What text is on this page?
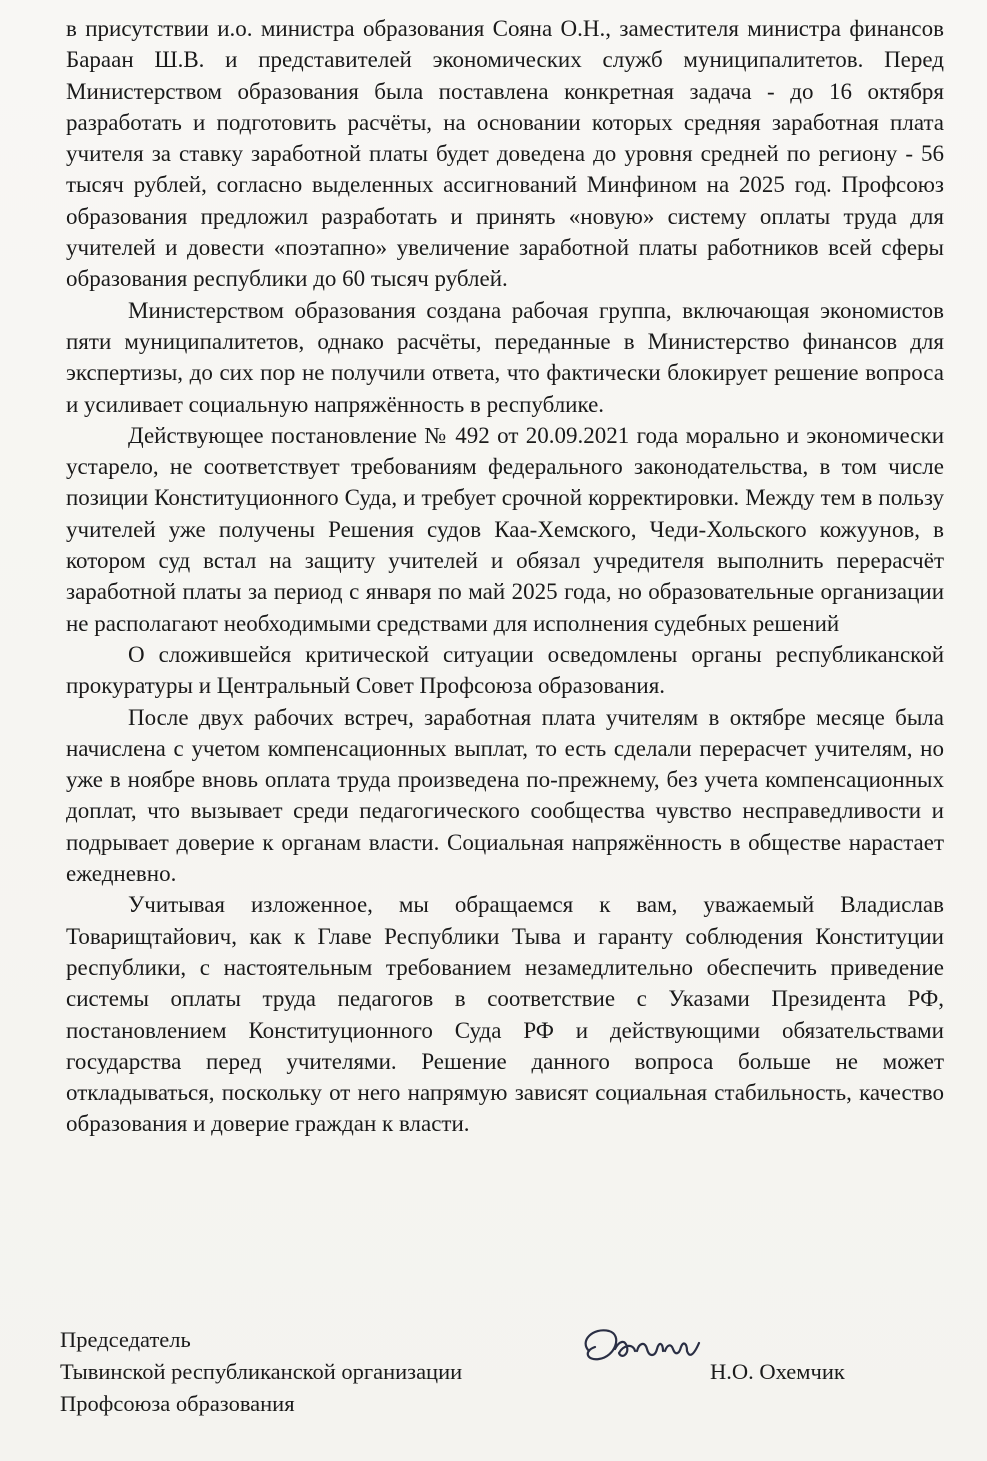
в присутствии и.о. министра образования Сояна О.Н., заместителя министра финансов Бараан Ш.В. и представителей экономических служб муниципалитетов. Перед Министерством образования была поставлена конкретная задача - до 16 октября разработать и подготовить расчёты, на основании которых средняя заработная плата учителя за ставку заработной платы будет доведена до уровня средней по региону - 56 тысяч рублей, согласно выделенных ассигнований Минфином на 2025 год. Профсоюз образования предложил разработать и принять «новую» систему оплаты труда для учителей и довести «поэтапно» увеличение заработной платы работников всей сферы образования республики до 60 тысяч рублей.

Министерством образования создана рабочая группа, включающая экономистов пяти муниципалитетов, однако расчёты, переданные в Министерство финансов для экспертизы, до сих пор не получили ответа, что фактически блокирует решение вопроса и усиливает социальную напряжённость в республике.

Действующее постановление № 492 от 20.09.2021 года морально и экономически устарело, не соответствует требованиям федерального законодательства, в том числе позиции Конституционного Суда, и требует срочной корректировки. Между тем в пользу учителей уже получены Решения судов Каа-Хемского, Чеди-Хольского кожуунов, в котором суд встал на защиту учителей и обязал учредителя выполнить перерасчёт заработной платы за период с января по май 2025 года, но образовательные организации не располагают необходимыми средствами для исполнения судебных решений

О сложившейся критической ситуации осведомлены органы республиканской прокуратуры и Центральный Совет Профсоюза образования.

После двух рабочих встреч, заработная плата учителям в октябре месяце была начислена с учетом компенсационных выплат, то есть сделали перерасчет учителям, но уже в ноябре вновь оплата труда произведена по-прежнему, без учета компенсационных доплат, что вызывает среди педагогического сообщества чувство несправедливости и подрывает доверие к органам власти. Социальная напряжённость в обществе нарастает ежедневно.

Учитывая изложенное, мы обращаемся к вам, уважаемый Владислав Товарищтайович, как к Главе Республики Тыва и гаранту соблюдения Конституции республики, с настоятельным требованием незамедлительно обеспечить приведение системы оплаты труда педагогов в соответствие с Указами Президента РФ, постановлением Конституционного Суда РФ и действующими обязательствами государства перед учителями. Решение данного вопроса больше не может откладываться, поскольку от него напрямую зависят социальная стабильность, качество образования и доверие граждан к власти.

Председатель
Тывинской республиканской организации
Профсоюза образования
Н.О. Охемчик
